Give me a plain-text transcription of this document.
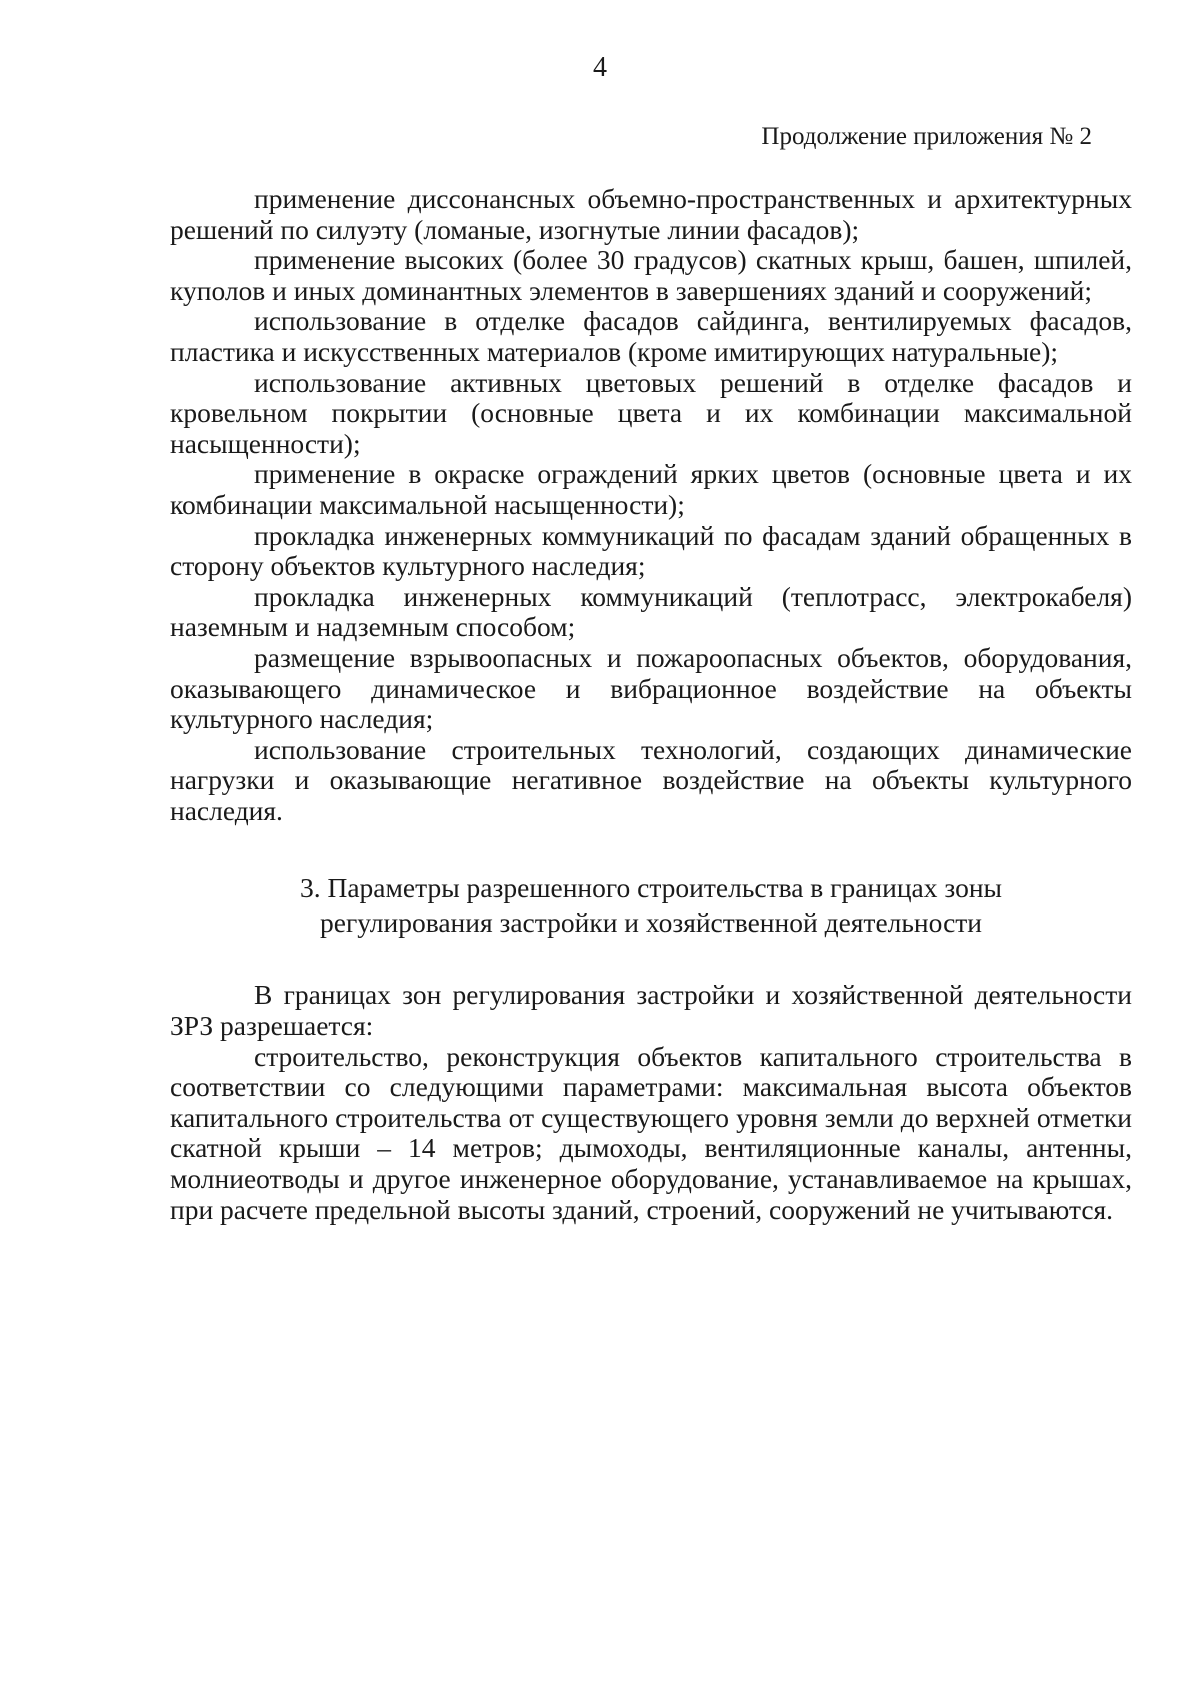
4
Продолжение приложения № 2

применение диссонансных объемно-пространственных и архитектурных решений по силуэту (ломаные, изогнутые линии фасадов);

применение высоких (более 30 градусов) скатных крыш, башен, шпилей, куполов и иных доминантных элементов в завершениях зданий и сооружений;

использование в отделке фасадов сайдинга, вентилируемых фасадов, пластика и искусственных материалов (кроме имитирующих натуральные);

использование активных цветовых решений в отделке фасадов и кровельном покрытии (основные цвета и их комбинации максимальной насыщенности);

применение в окраске ограждений ярких цветов (основные цвета и их комбинации максимальной насыщенности);

прокладка инженерных коммуникаций по фасадам зданий обращенных в сторону объектов культурного наследия;

прокладка инженерных коммуникаций (теплотрасс, электрокабеля) наземным и надземным способом;

размещение взрывоопасных и пожароопасных объектов, оборудования, оказывающего динамическое и вибрационное воздействие на объекты культурного наследия;

использование строительных технологий, создающих динамические нагрузки и оказывающие негативное воздействие на объекты культурного наследия.

3. Параметры разрешенного строительства в границах зоны
регулирования застройки и хозяйственной деятельности

В границах зон регулирования застройки и хозяйственной деятельности ЗРЗ разрешается:

строительство, реконструкция объектов капитального строительства в соответствии со следующими параметрами: максимальная высота объектов капитального строительства от существующего уровня земли до верхней отметки скатной крыши – 14 метров; дымоходы, вентиляционные каналы, антенны, молниеотводы и другое инженерное оборудование, устанавливаемое на крышах, при расчете предельной высоты зданий, строений, сооружений не учитываются.
